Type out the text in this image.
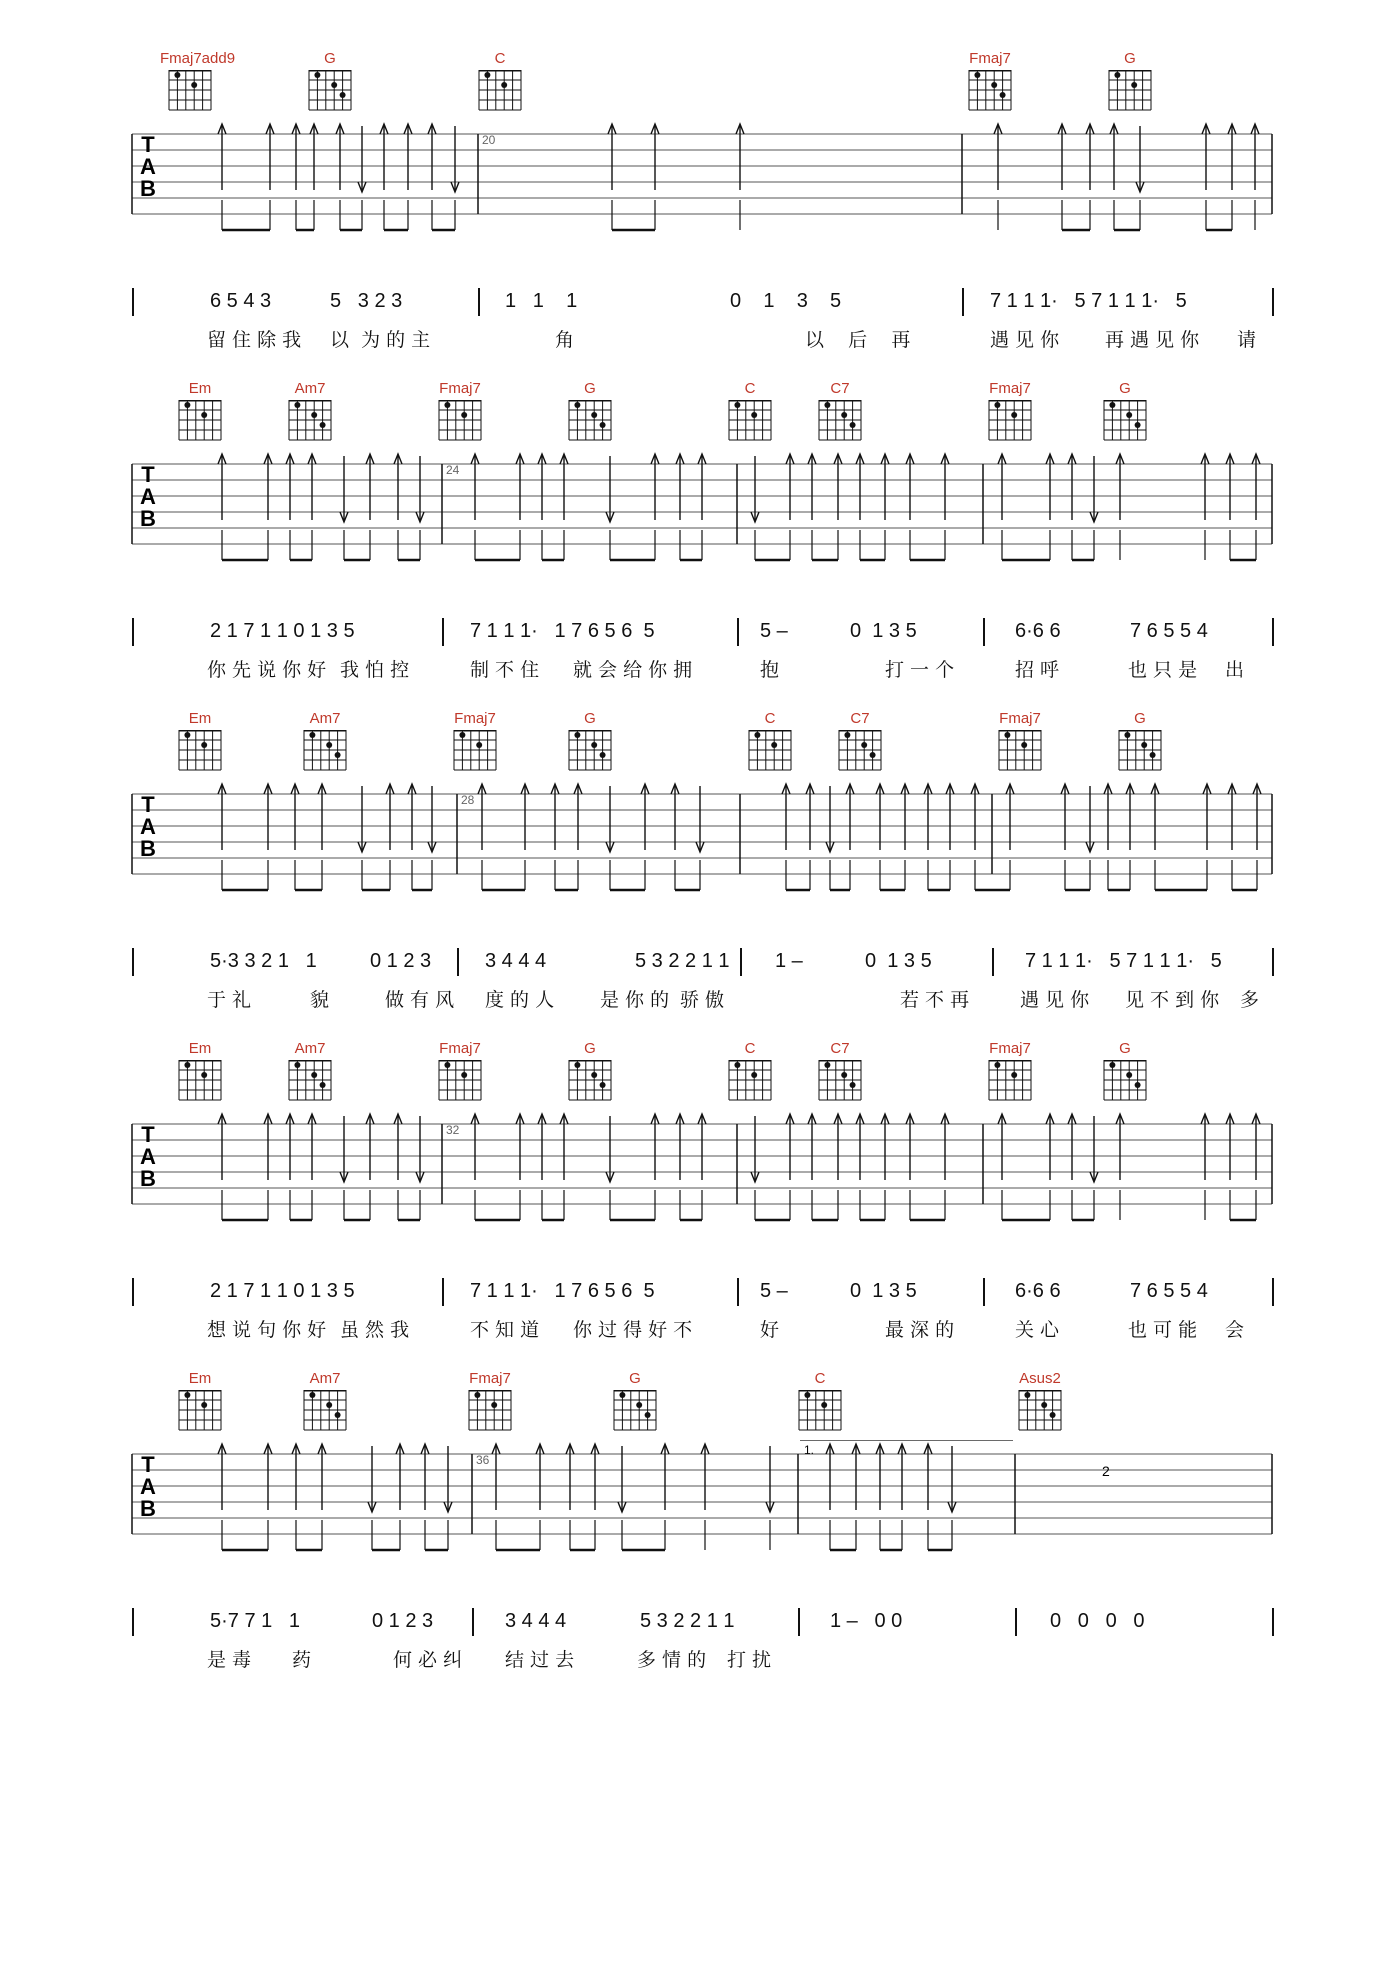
Fmaj7add9	G	C	Fmaj7	G
T
A
B
20
6 5 4 3	5   3 2 3	1   1    1	0    1    3    5	7 1 1 1·   5 7 1 1 1·   5
留 住 除 我 以  为 的 主	角	以    后    再	遇 见 你 再 遇 见 你 请
Em	Am7	Fmaj7	G	C	C7	Fmaj7	G
T
A
B
24
2 1 7 1 1 0 1 3 5	7 1 1 1·   1 7 6 5 6  5	5 –	0  1 3 5	6·6 6	7 6 5 5 4
你 先 说 你 好 我 怕 控	制 不 住 就 会 给 你 拥	抱	打 一 个	招 呼	也 只 是 出
Em	Am7	Fmaj7	G	C	C7	Fmaj7	G
T
A
B
28
5·3 3 2 1   1	0 1 2 3	3 4 4 4	5 3 2 2 1 1 1 –	0  1 3 5	7 1 1 1·   5 7 1 1 1·   5
于 礼	貌	做 有 风 度 的 人 是 你 的 骄 傲	若 不 再	遇 见 你 见 不 到 你 多
Em	Am7	Fmaj7	G	C	C7	Fmaj7	G
T
A
B
32
2 1 7 1 1 0 1 3 5	7 1 1 1·   1 7 6 5 6  5	5 –	0  1 3 5	6·6 6	7 6 5 5 4
想 说 句 你 好 虽 然 我	不 知 道 你 过 得 好 不	好	最 深 的	关 心	也 可 能 会
Em	Am7	Fmaj7	G	C	Asus2
T
A
B
36
1.
2
5·7 7 1   1	0 1 2 3	3 4 4 4	5 3 2 2 1 1	1 –   0 0	0   0   0   0
是 毒 药	何 必 纠 结 过 去	多 情 的 打 扰
